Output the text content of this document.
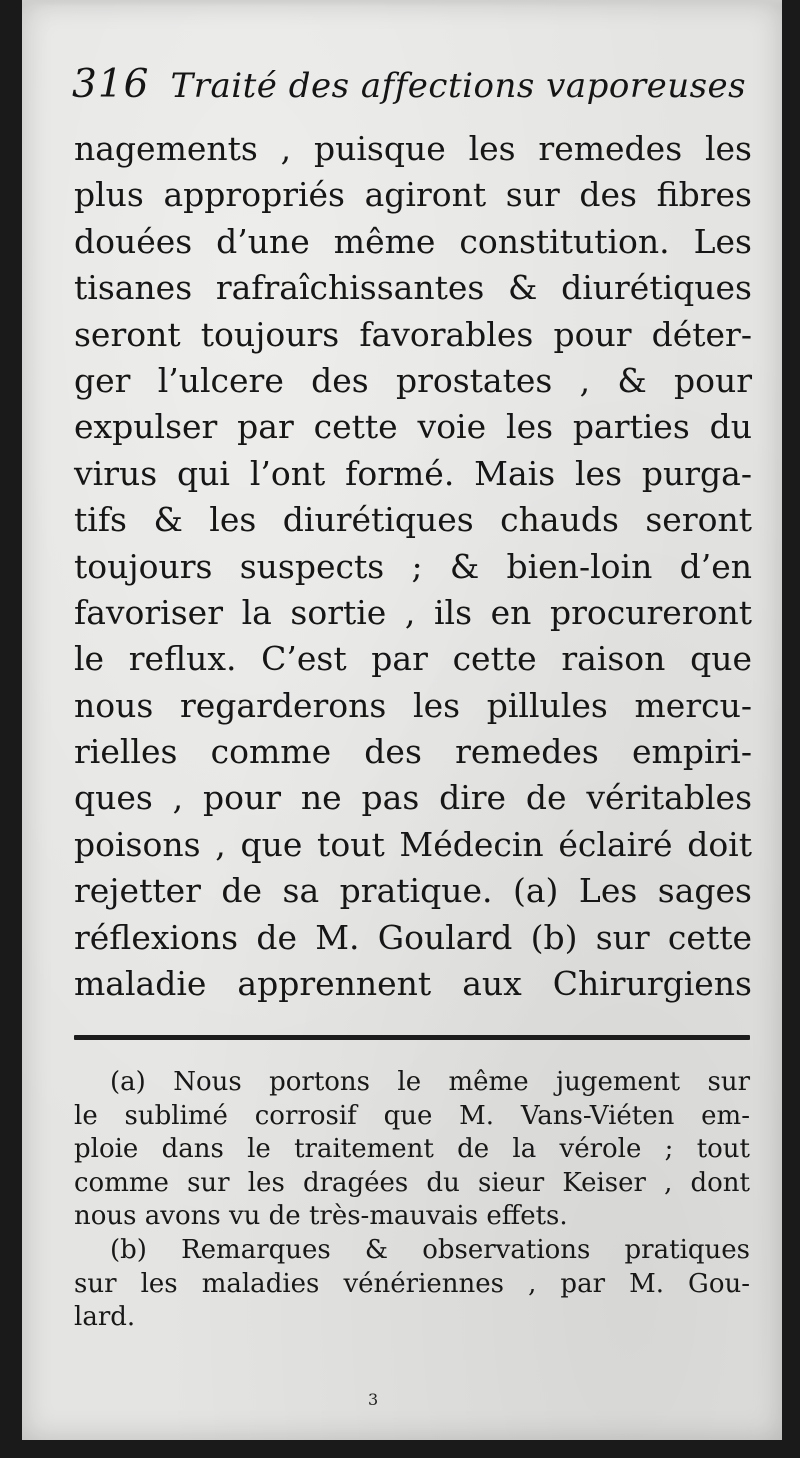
316 Traité des affections vaporeuses
nagements , puisque les remedes les
plus appropriés agiront sur des fibres
douées d’une même constitution. Les
tisanes rafraîchissantes & diurétiques
seront toujours favorables pour déter-
ger l’ulcere des prostates , & pour
expulser par cette voie les parties du
virus qui l’ont formé. Mais les purga-
tifs & les diurétiques chauds seront
toujours suspects ; & bien-loin d’en
favoriser la sortie , ils en procureront
le reflux. C’est par cette raison que
nous regarderons les pillules mercu-
rielles comme des remedes empiri-
ques , pour ne pas dire de véritables
poisons , que tout Médecin éclairé doit
rejetter de sa pratique. (a) Les sages
réflexions de M. Goulard (b) sur cette
maladie apprennent aux Chirurgiens
(a) Nous portons le même jugement sur
le sublimé corrosif que M. Vans-Viéten em-
ploie dans le traitement de la vérole ; tout
comme sur les dragées du sieur Keiser , dont
nous avons vu de très-mauvais effets.
(b) Remarques & observations pratiques
sur les maladies vénériennes , par M. Gou-
lard.
3
